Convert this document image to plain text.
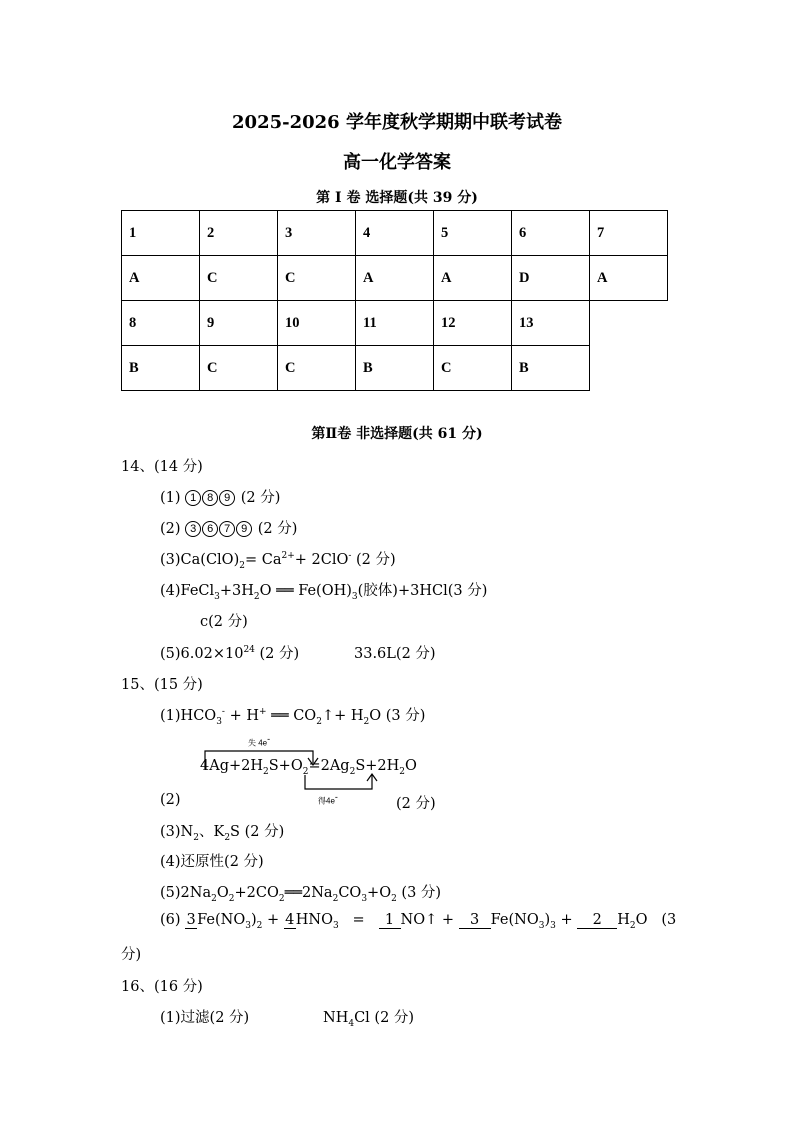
2025-2026 学年度秋学期期中联考试卷
高一化学答案
第 I 卷 选择题(共 39 分)
1	2	3	4	5	6	7
A	C	C	A	A	D	A
8	9	10	11	12	13	
B	C	C	B	C	B	
第Ⅱ卷 非选择题(共 61 分)
14、(14 分)
(1) 1 8 9 (2 分)
(2) 3 6 7 9 (2 分)
$(3)Ca(ClO)_2= Ca^{2+}+ 2ClO^-$ (2 分)
$(4)FeCl_3+3H_2O$ ══ $Fe(OH)_3$(胶体)+3HCl(3 分)
c(2 分)
$(5)6.02\times 10^{24}$ (2 分)	33.6L(2 分)
15、(15 分)
$(1)HCO_3^- + H^+$ ══ $CO_2↑+ H_2O$ (3 分)
失 4e-
$4Ag+2H_2S+O_2=2Ag_2S+2H_2O$
得4e-
(2)	(2 分)
$(3)N_2$、$K_2S$ (2 分)
(4)还原性(2 分)
$(5)2Na_2O_2+2CO_2══2Na_2CO_3+O_2$ (3 分)
(6) $3Fe(NO_3)_2 + 4HNO_3 = 1$ NO↑ + 3 $Fe(NO_3)_3 + 2$ $H_2O$   (3
分)
16、(16 分)
(1)过滤(2 分)	$NH_4Cl$ (2 分)
